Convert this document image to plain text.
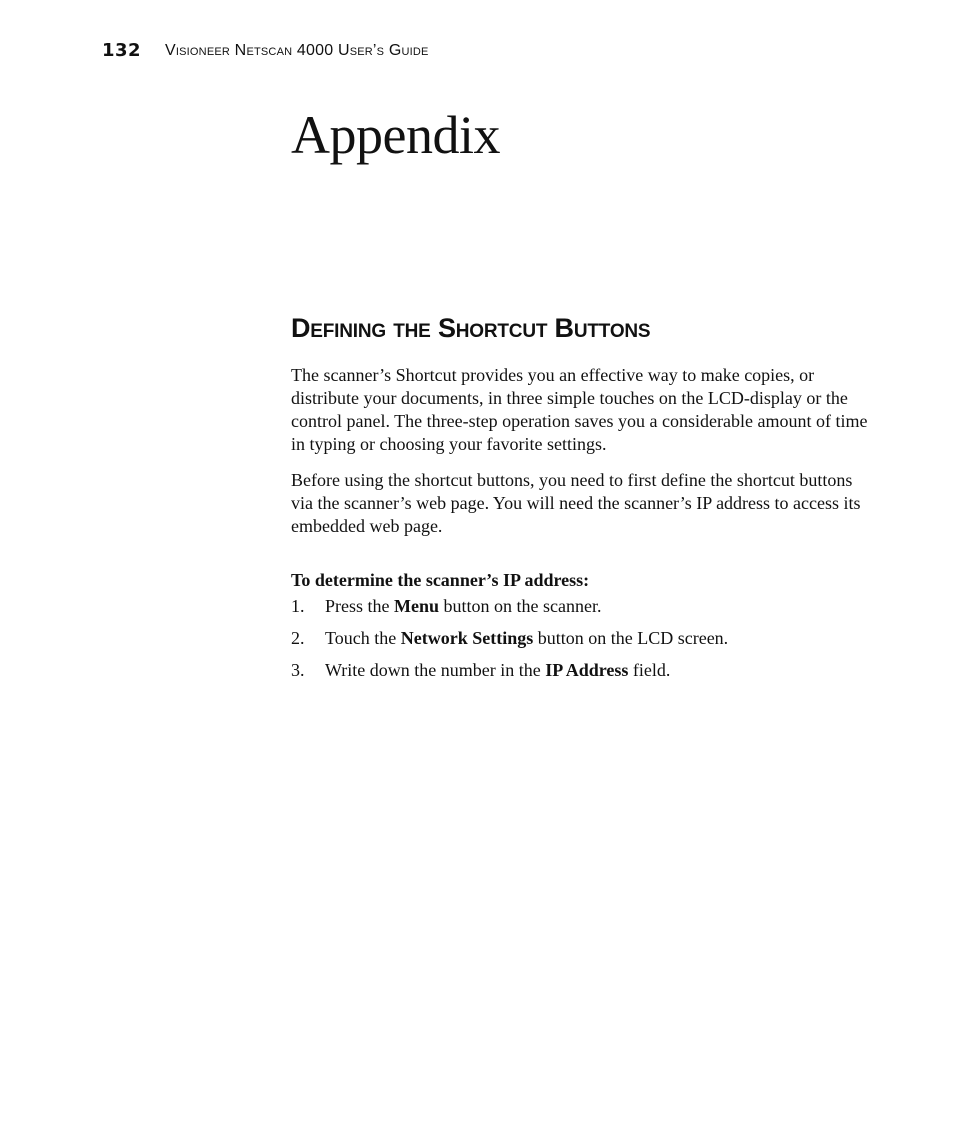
132 Visioneer Netscan 4000 User’s Guide
Appendix
Defining the Shortcut Buttons

The scanner’s Shortcut provides you an effective way to make copies, or distribute your documents, in three simple touches on the LCD-display or the control panel. The three-step operation saves you a considerable amount of time in typing or choosing your favorite settings.

Before using the shortcut buttons, you need to first define the shortcut buttons via the scanner’s web page. You will need the scanner’s IP address to access its embedded web page.

To determine the scanner’s IP address:
1. Press the Menu button on the scanner.
2. Touch the Network Settings button on the LCD screen.
3. Write down the number in the IP Address field.
